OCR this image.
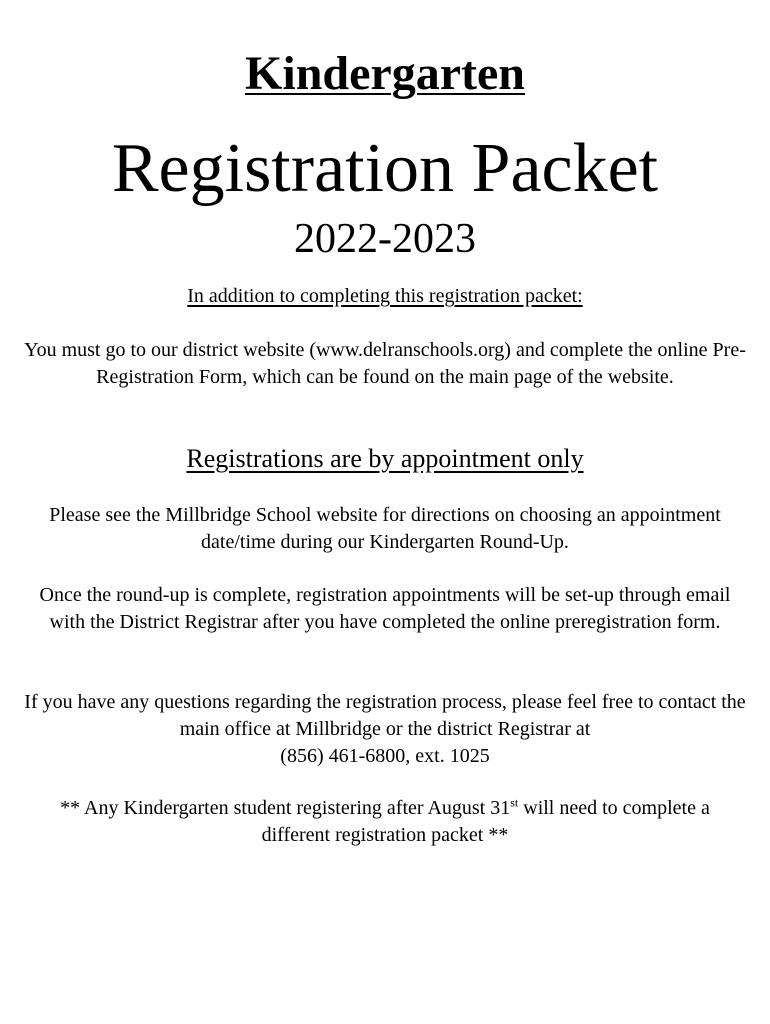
Kindergarten
Registration Packet
2022-2023
In addition to completing this registration packet:

You must go to our district website (www.delranschools.org) and complete the online Pre-Registration Form, which can be found on the main page of the website.

Registrations are by appointment only

Please see the Millbridge School website for directions on choosing an appointment date/time during our Kindergarten Round-Up.

Once the round-up is complete, registration appointments will be set-up through email with the District Registrar after you have completed the online preregistration form.

If you have any questions regarding the registration process, please feel free to contact the main office at Millbridge or the district Registrar at
(856) 461-6800, ext. 1025
** Any Kindergarten student registering after August 31st will need to complete a different registration packet **
